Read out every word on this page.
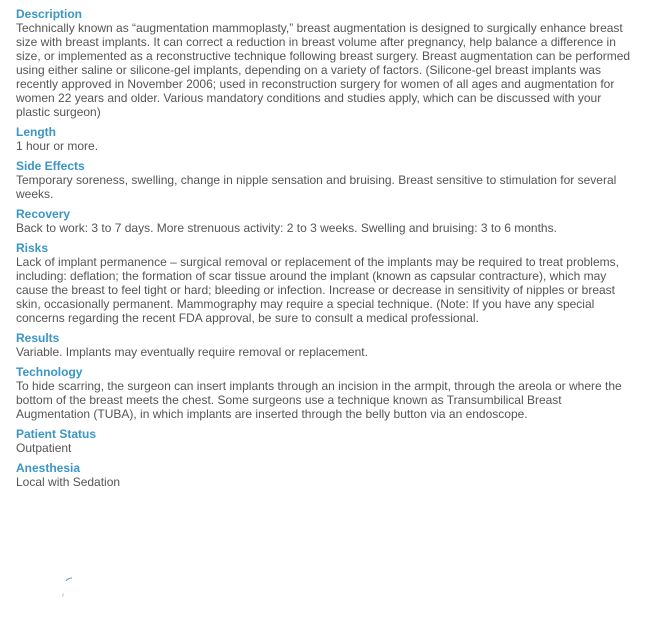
Description
Technically known as “augmentation mammoplasty,” breast augmentation is designed to surgically enhance breast size with breast implants. It can correct a reduction in breast volume after pregnancy, help balance a difference in size, or implemented as a reconstructive technique following breast surgery. Breast augmentation can be performed using either saline or silicone-gel implants, depending on a variety of factors. (Silicone-gel breast implants was recently approved in November 2006; used in reconstruction surgery for women of all ages and augmentation for women 22 years and older. Various mandatory conditions and studies apply, which can be discussed with your plastic surgeon)
Length
1 hour or more.
Side Effects
Temporary soreness, swelling, change in nipple sensation and bruising. Breast sensitive to stimulation for several weeks.
Recovery
Back to work: 3 to 7 days. More strenuous activity: 2 to 3 weeks. Swelling and bruising: 3 to 6 months.
Risks
Lack of implant permanence – surgical removal or replacement of the implants may be required to treat problems, including: deflation; the formation of scar tissue around the implant (known as capsular contracture), which may cause the breast to feel tight or hard; bleeding or infection. Increase or decrease in sensitivity of nipples or breast skin, occasionally permanent. Mammography may require a special technique. (Note: If you have any special concerns regarding the recent FDA approval, be sure to consult a medical professional.
Results
Variable. Implants may eventually require removal or replacement.
Technology
To hide scarring, the surgeon can insert implants through an incision in the armpit, through the areola or where the bottom of the breast meets the chest. Some surgeons use a technique known as Transumbilical Breast Augmentation (TUBA), in which implants are inserted through the belly button via an endoscope.
Patient Status
Outpatient
Anesthesia
Local with Sedation
